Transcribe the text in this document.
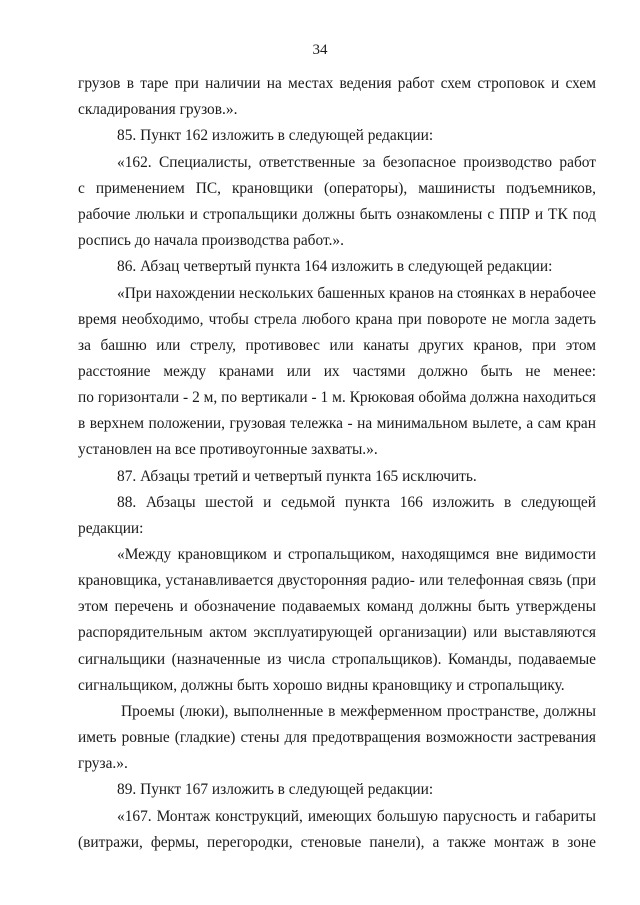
34
грузов в таре при наличии на местах ведения работ схем строповок и схем
складирования грузов.».
85. Пункт 162 изложить в следующей редакции:
«162. Специалисты, ответственные за безопасное производство работ
с применением ПС, крановщики (операторы), машинисты подъемников,
рабочие люльки и стропальщики должны быть ознакомлены с ППР и ТК под
роспись до начала производства работ.».
86. Абзац четвертый пункта 164 изложить в следующей редакции:
«При нахождении нескольких башенных кранов на стоянках в нерабочее
время необходимо, чтобы стрела любого крана при повороте не могла задеть
за башню или стрелу, противовес или канаты других кранов, при этом
расстояние между кранами или их частями должно быть не менее:
по горизонтали - 2 м, по вертикали - 1 м. Крюковая обойма должна находиться
в верхнем положении, грузовая тележка - на минимальном вылете, а сам кран
установлен на все противоугонные захваты.».
87. Абзацы третий и четвертый пункта 165 исключить.
88. Абзацы шестой и седьмой пункта 166 изложить в следующей
редакции:
«Между крановщиком и стропальщиком, находящимся вне видимости
крановщика, устанавливается двусторонняя радио- или телефонная связь (при
этом перечень и обозначение подаваемых команд должны быть утверждены
распорядительным актом эксплуатирующей организации) или выставляются
сигнальщики (назначенные из числа стропальщиков). Команды, подаваемые
сигнальщиком, должны быть хорошо видны крановщику и стропальщику.
Проемы (люки), выполненные в межферменном пространстве, должны
иметь ровные (гладкие) стены для предотвращения возможности застревания
груза.».
89. Пункт 167 изложить в следующей редакции:
«167. Монтаж конструкций, имеющих большую парусность и габариты
(витражи, фермы, перегородки, стеновые панели), а также монтаж в зоне
